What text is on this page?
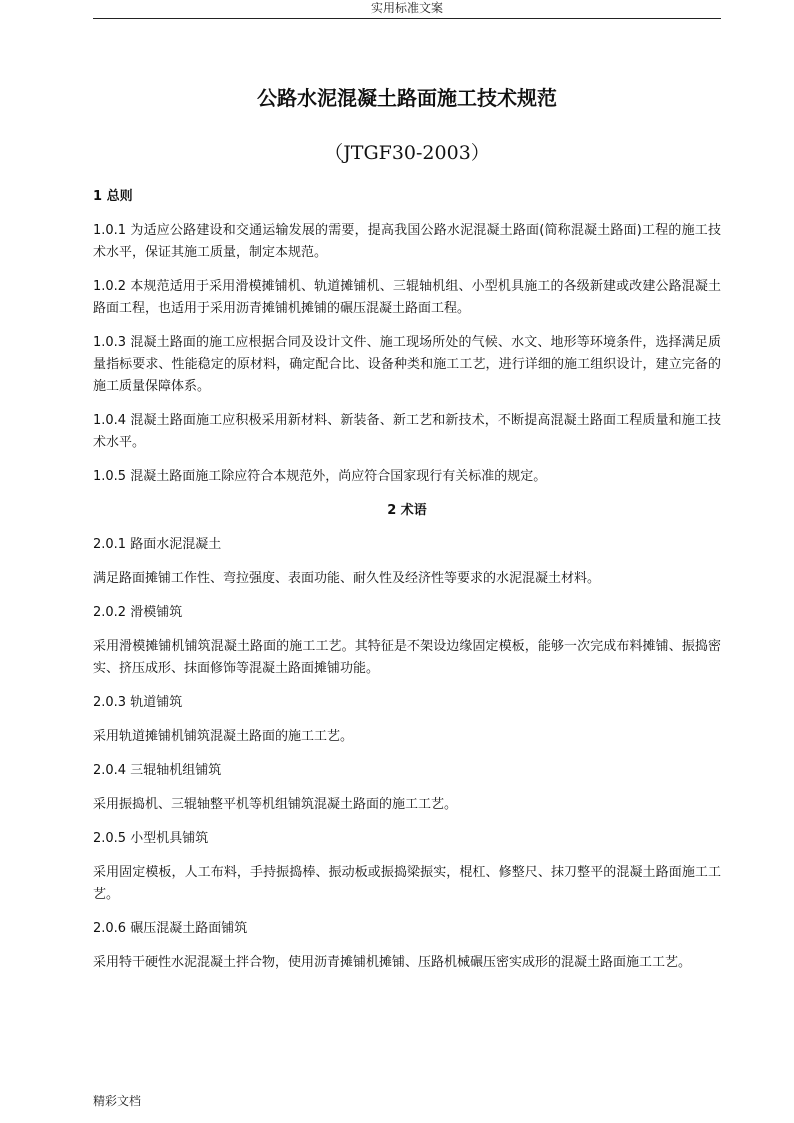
实用标准文案
公路水泥混凝土路面施工技术规范
（JTGF30-2003）

1 总则

1.0.1 为适应公路建设和交通运输发展的需要，提高我国公路水泥混凝土路面(简称混凝土路面)工程的施工技术水平，保证其施工质量，制定本规范。

1.0.2 本规范适用于采用滑模摊铺机、轨道摊铺机、三辊轴机组、小型机具施工的各级新建或改建公路混凝土路面工程，也适用于采用沥青摊铺机摊铺的碾压混凝土路面工程。

1.0.3 混凝土路面的施工应根据合同及设计文件、施工现场所处的气候、水文、地形等环境条件，选择满足质量指标要求、性能稳定的原材料，确定配合比、设备种类和施工工艺，进行详细的施工组织设计，建立完备的施工质量保障体系。

1.0.4 混凝土路面施工应积极采用新材料、新装备、新工艺和新技术，不断提高混凝土路面工程质量和施工技术水平。

1.0.5 混凝土路面施工除应符合本规范外，尚应符合国家现行有关标准的规定。

2 术语

2.0.1 路面水泥混凝土

满足路面摊铺工作性、弯拉强度、表面功能、耐久性及经济性等要求的水泥混凝土材料。

2.0.2 滑模铺筑

采用滑模摊铺机铺筑混凝土路面的施工工艺。其特征是不架设边缘固定模板，能够一次完成布料摊铺、振捣密实、挤压成形、抹面修饰等混凝土路面摊铺功能。

2.0.3 轨道铺筑

采用轨道摊铺机铺筑混凝土路面的施工工艺。

2.0.4 三辊轴机组铺筑

采用振捣机、三辊轴整平机等机组铺筑混凝土路面的施工工艺。

2.0.5 小型机具铺筑

采用固定模板，人工布料，手持振捣棒、振动板或振捣梁振实，棍杠、修整尺、抹刀整平的混凝土路面施工工艺。

2.0.6 碾压混凝土路面铺筑

采用特干硬性水泥混凝土拌合物，使用沥青摊铺机摊铺、压路机械碾压密实成形的混凝土路面施工工艺。

精彩文档
